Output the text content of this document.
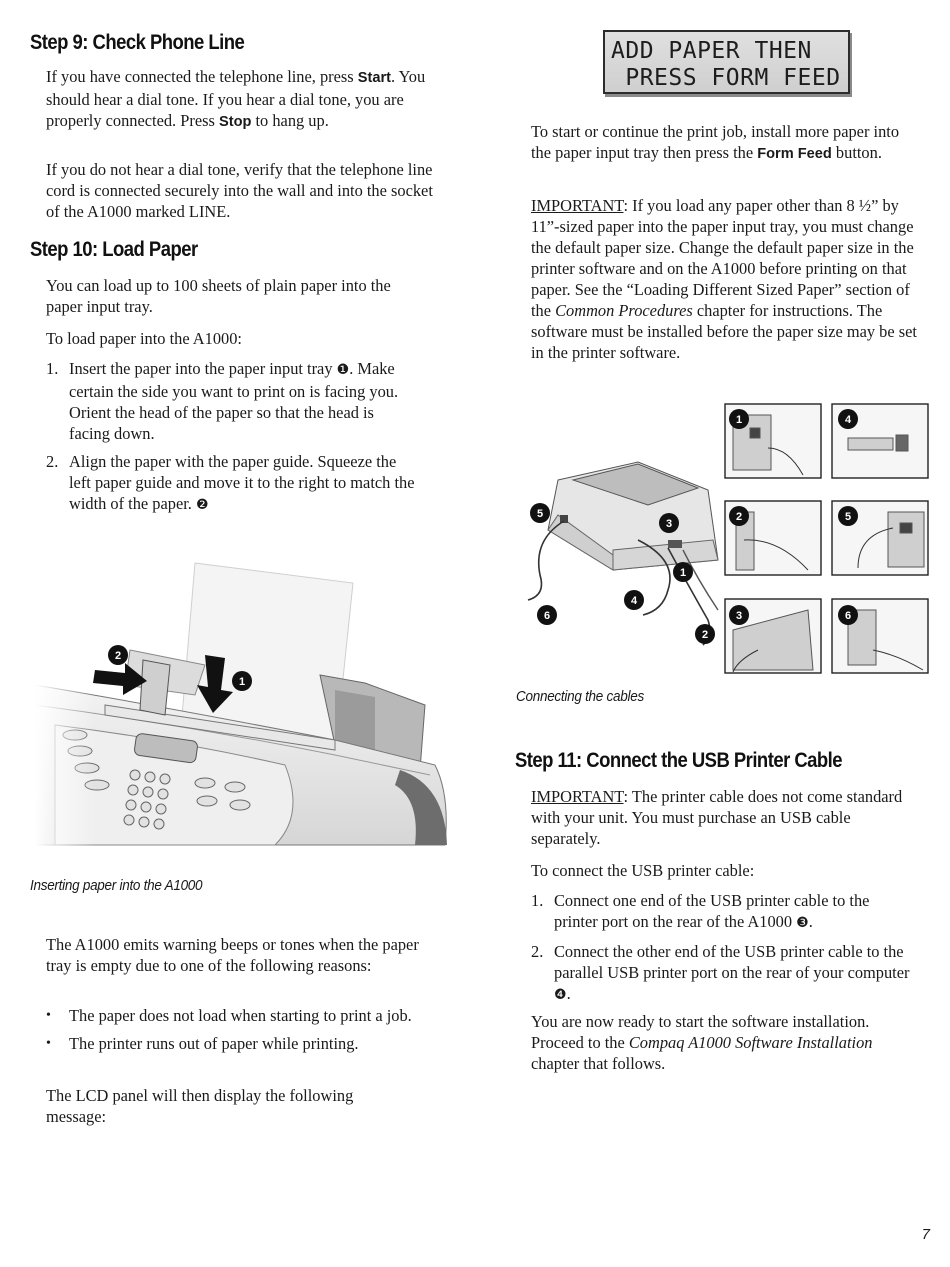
Step 9: Check Phone Line

If you have connected the telephone line, press Start. You should hear a dial tone. If you hear a dial tone, you are properly connected. Press Stop to hang up.

If you do not hear a dial tone, verify that the telephone line cord is connected securely into the wall and into the socket of the A1000 marked LINE.

Step 10: Load Paper

You can load up to 100 sheets of plain paper into the paper input tray.

To load paper into the A1000:

1. Insert the paper into the paper input tray ❶. Make certain the side you want to print on is facing you. Orient the head of the paper so that the head is facing down.
2. Align the paper with the paper guide. Squeeze the left paper guide and move it to the right to match the width of the paper. ❷
2
1
Inserting paper into the A1000

The A1000 emits warning beeps or tones when the paper tray is empty due to one of the following reasons:

• The paper does not load when starting to print a job.
• The printer runs out of paper while printing.

The LCD panel will then display the following message:

ADD PAPER THEN
PRESS FORM FEED

To start or continue the print job, install more paper into the paper input tray then press the Form Feed button.

IMPORTANT: If you load any paper other than 8 ½” by 11”-sized paper into the paper input tray, you must change the default paper size. Change the default paper size in the printer software and on the A1000 before printing on that paper. See the “Loading Different Sized Paper” section of the Common Procedures chapter for instructions. The software must be installed before the paper size may be set in the printer software.

5
3
1
4
6
2
1	4
2	5
3	6
Connecting the cables
Step 11: Connect the USB Printer Cable

IMPORTANT: The printer cable does not come standard with your unit. You must purchase an USB cable separately.

To connect the USB printer cable:

1. Connect one end of the USB printer cable to the printer port on the rear of the A1000 ❸.
2. Connect the other end of the USB printer cable to the parallel USB printer port on the rear of your computer ❹.

You are now ready to start the software installation. Proceed to the Compaq A1000 Software Installation chapter that follows.

7
